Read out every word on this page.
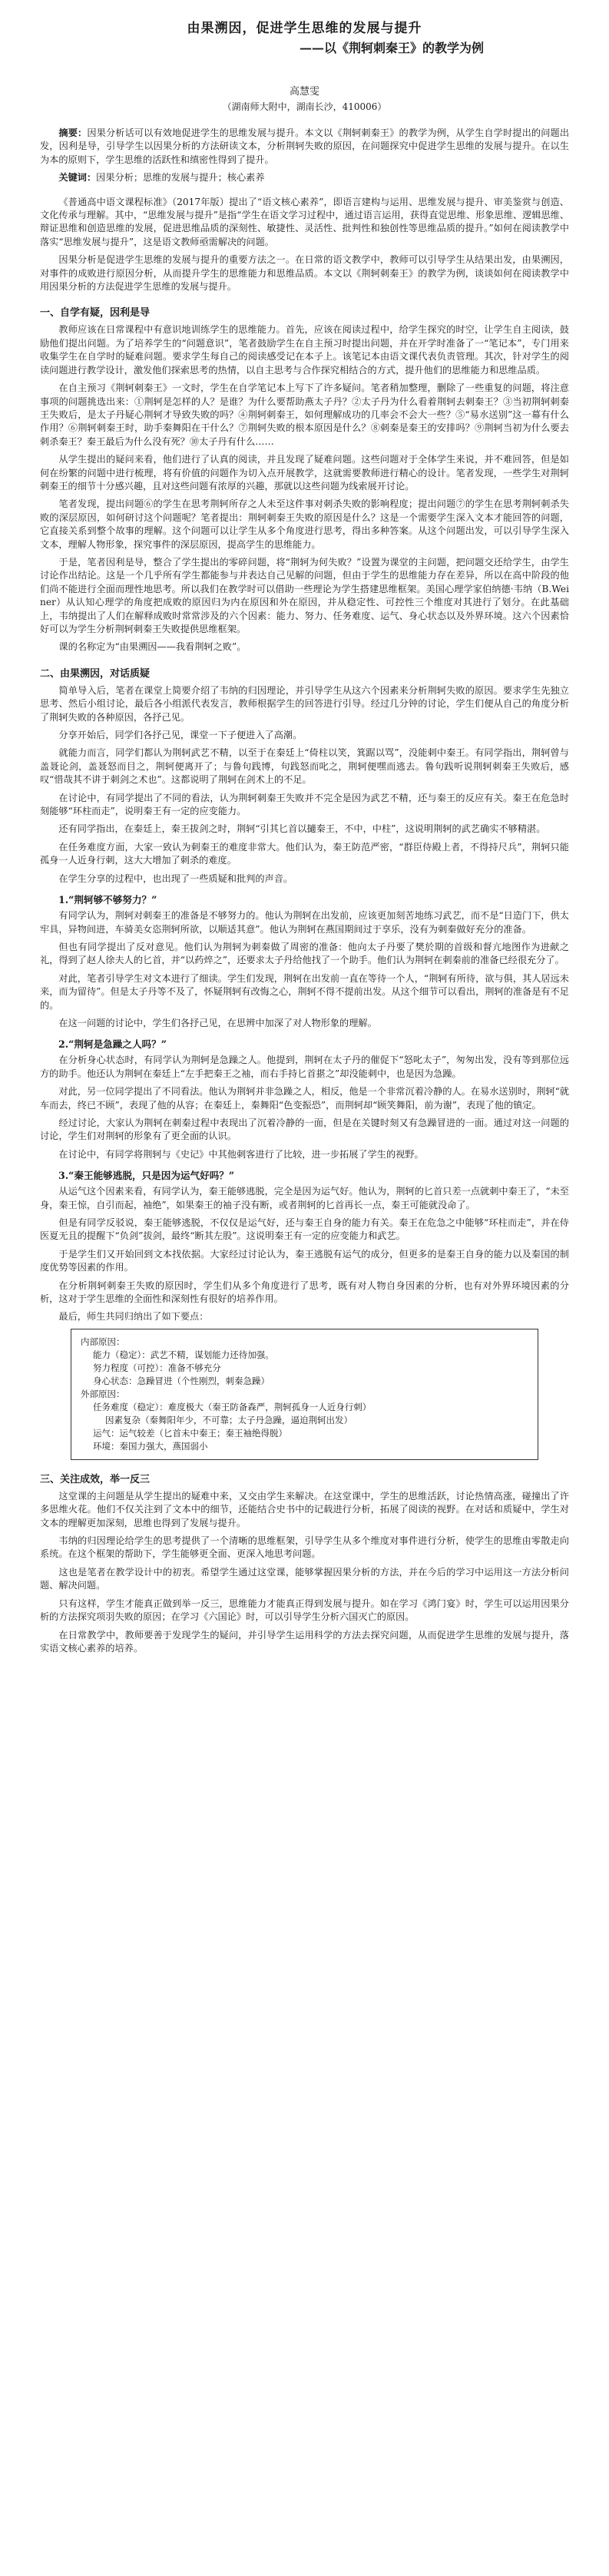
由果溯因，促进学生思维的发展与提升
——以《荆轲刺秦王》的教学为例
高慧雯
（湖南师大附中，湖南长沙，410006）

摘要：因果分析话可以有效地促进学生的思维发展与提升。本文以《荆轲刺秦王》的教学为例，从学生自学时提出的问题出发，因利是导，引导学生以因果分析的方法研读文本，分析荆轲失败的原因，在问题探究中促进学生思维的发展与提升。在以生为本的原则下，学生思维的活跃性和缜密性得到了提升。

关键词：因果分析；思维的发展与提升；核心素养

《普通高中语文课程标准》（2017年版）提出了“语文核心素养”，即语言建构与运用、思维发展与提升、审美鉴赏与创造、文化传承与理解。其中，“思维发展与提升”是指“学生在语文学习过程中，通过语言运用，获得直觉思维、形象思维、逻辑思维、辩证思维和创造思维的发展，促进思维品质的深刻性、敏捷性、灵活性、批判性和独创性等思维品质的提升。”如何在阅读教学中落实“思维发展与提升”，这是语文教师亟需解决的问题。

因果分析是促进学生思维的发展与提升的重要方法之一。在日常的语文教学中，教师可以引导学生从结果出发，由果溯因，对事件的成败进行原因分析，从而提升学生的思维能力和思维品质。本文以《荆轲刺秦王》的教学为例，谈谈如何在阅读教学中用因果分析的方法促进学生思维的发展与提升。

一、自学有疑，因利是导

教师应该在日常课程中有意识地训练学生的思维能力。首先，应该在阅读过程中，给学生探究的时空，让学生自主阅读，鼓励他们提出问题。为了培养学生的“问题意识”，笔者鼓励学生在自主预习时提出问题，并在开学时准备了一“笔记本”，专门用来收集学生在自学时的疑难问题。要求学生每自己的阅读感受记在本子上。该笔记本由语文课代表负责管理。其次，针对学生的阅读问题进行教学设计，激发他们探索思考的热情，以自主思考与合作探究相结合的方式，提升他们的思维能力和思维品质。

在自主预习《荆轲刺秦王》一文时，学生在自学笔记本上写下了许多疑问。笔者稍加整理，删除了一些重复的问题，将注意事项的问题挑选出来：①荆轲是怎样的人？是谁？为什么要帮助燕太子丹？②太子丹为什么看着荆轲去刺秦王？③当初荆轲刺秦王失败后，是太子丹疑心荆轲才导致失败的吗？④荆轲刺秦王，如何理解成功的几率会不会大一些？⑤“易水送别”这一幕有什么作用？⑥荆轲刺秦王时，助手秦舞阳在干什么？⑦荆轲失败的根本原因是什么？⑧刺秦是秦王的安排吗？⑨荆轲当初为什么要去刺杀秦王？秦王最后为什么没有死？⑩太子丹有什么……

从学生提出的疑问来看，他们进行了认真的阅读，并且发现了疑难问题。这些问题对于全体学生来说，并不难回答，但是如何在纷繁的问题中进行梳理，将有价值的问题作为切入点开展教学，这就需要教师进行精心的设计。笔者发现，一些学生对荆轲刺秦王的细节十分感兴趣，且对这些问题有浓厚的兴趣，那就以这些问题为线索展开讨论。

笔者发现，提出问题⑥的学生在思考荆轲所存之人未至这件事对刺杀失败的影响程度；提出问题⑦的学生在思考荆轲刺杀失败的深层原因，如何研讨这个问题呢？笔者提出：荆轲刺秦王失败的原因是什么？这是一个需要学生深入文本才能回答的问题，它直接关系到整个故事的理解。这个问题可以让学生从多个角度进行思考，得出多种答案。从这个问题出发，可以引导学生深入文本，理解人物形象，探究事件的深层原因，提高学生的思维能力。

于是，笔者因利是导，整合了学生提出的零碎问题，将“荆轲为何失败？”设置为课堂的主问题，把问题交还给学生，由学生讨论作出结论。这是一个几乎所有学生都能参与并表达自己见解的问题，但由于学生的思维能力存在差异，所以在高中阶段的他们尚不能进行全面而理性地思考。所以我们在教学时可以借助一些理论为学生搭建思维框架。美国心理学家伯纳德·韦纳（B.Weiner）从认知心理学的角度把成败的原因归为内在原因和外在原因，并从稳定性、可控性三个维度对其进行了划分。在此基础上，韦纳提出了人们在解释成败时常常涉及的六个因素：能力、努力、任务难度、运气、身心状态以及外界环境。这六个因素恰好可以为学生分析荆轲刺秦王失败提供思维框架。

课的名称定为“由果溯因——我看荆轲之败”。

二、由果溯因，对话质疑

简单导入后，笔者在课堂上简要介绍了韦纳的归因理论，并引导学生从这六个因素来分析荆轲失败的原因。要求学生先独立思考、然后小组讨论，最后各小组派代表发言，教师根据学生的回答进行引导。经过几分钟的讨论，学生们便从自己的角度分析了荆轲失败的各种原因，各抒己见。

分享开始后，同学们各抒己见，课堂一下子便进入了高潮。

就能力而言，同学们都认为荆轲武艺不精，以至于在秦廷上“倚柱以笑，箕踞以骂”，没能刺中秦王。有同学指出，荆轲曾与盖聂论剑，盖聂怒而目之，荆轲便离开了；与鲁句践博，句践怒而叱之，荆轲便嘿而逃去。鲁句践听说荆轲刺秦王失败后，感叹“惜哉其不讲于刺剑之术也”。这都说明了荆轲在剑术上的不足。

在讨论中，有同学提出了不同的看法，认为荆轲刺秦王失败并不完全是因为武艺不精，还与秦王的反应有关。秦王在危急时刻能够“环柱而走”，说明秦王有一定的应变能力。

还有同学指出，在秦廷上，秦王拔剑之时，荆轲“引其匕首以擿秦王，不中，中柱”，这说明荆轲的武艺确实不够精湛。

在任务难度方面，大家一致认为刺秦王的难度非常大。他们认为，秦王防范严密，“群臣侍殿上者，不得持尺兵”，荆轲只能孤身一人近身行刺，这大大增加了刺杀的难度。

在学生分享的过程中，也出现了一些质疑和批判的声音。

1.“荆轲够不够努力？”

有同学认为，荆轲对刺秦王的准备是不够努力的。他认为荆轲在出发前，应该更加刻苦地练习武艺，而不是“日造门下，供太牢具，异物间进，车骑美女恣荆轲所欲，以顺适其意”。他认为荆轲在燕国期间过于享乐，没有为刺秦做好充分的准备。

但也有同学提出了反对意见。他们认为荆轲为刺秦做了周密的准备：他向太子丹要了樊於期的首级和督亢地图作为进献之礼，得到了赵人徐夫人的匕首，并“以药焠之”，还要求太子丹给他找了一个助手。他们认为荆轲在刺秦前的准备已经很充分了。

对此，笔者引导学生对文本进行了细读。学生们发现，荆轲在出发前一直在等待一个人，“荆轲有所待，欲与俱，其人居远未来，而为留待”。但是太子丹等不及了，怀疑荆轲有改悔之心，荆轲不得不提前出发。从这个细节可以看出，荆轲的准备是有不足的。

在这一问题的讨论中，学生们各抒己见，在思辨中加深了对人物形象的理解。

2.“荆轲是急躁之人吗？”

在分析身心状态时，有同学认为荆轲是急躁之人。他提到，荆轲在太子丹的催促下“怒叱太子”，匆匆出发，没有等到那位远方的助手。他还认为荆轲在秦廷上“左手把秦王之袖，而右手持匕首揕之”却没能刺中，也是因为急躁。

对此，另一位同学提出了不同看法。他认为荆轲并非急躁之人，相反，他是一个非常沉着冷静的人。在易水送别时，荆轲“就车而去，终已不顾”，表现了他的从容；在秦廷上，秦舞阳“色变振恐”，而荆轲却“顾笑舞阳，前为谢”，表现了他的镇定。

经过讨论，大家认为荆轲在刺秦过程中表现出了沉着冷静的一面，但是在关键时刻又有急躁冒进的一面。通过对这一问题的讨论，学生们对荆轲的形象有了更全面的认识。

在讨论中，有同学将荆轲与《史记》中其他刺客进行了比较，进一步拓展了学生的视野。

3.“秦王能够逃脱，只是因为运气好吗？”

从运气这个因素来看，有同学认为，秦王能够逃脱，完全是因为运气好。他认为，荆轲的匕首只差一点就刺中秦王了，“未至身，秦王惊，自引而起，袖绝”，如果秦王的袖子没有断，或者荆轲的匕首再长一点，秦王可能就没命了。

但是有同学反驳说，秦王能够逃脱，不仅仅是运气好，还与秦王自身的能力有关。秦王在危急之中能够“环柱而走”，并在侍医夏无且的提醒下“负剑”拔剑，最终“断其左股”。这说明秦王有一定的应变能力和武艺。

于是学生们又开始回到文本找依据。大家经过讨论认为，秦王逃脱有运气的成分，但更多的是秦王自身的能力以及秦国的制度优势等因素的作用。

在分析荆轲刺秦王失败的原因时，学生们从多个角度进行了思考，既有对人物自身因素的分析，也有对外界环境因素的分析，这对于学生思维的全面性和深刻性有很好的培养作用。

最后，师生共同归纳出了如下要点：

内部原因：
能力（稳定）：武艺不精，谋划能力还待加强。
努力程度（可控）：准备不够充分
身心状态：急躁冒进（个性刚烈，刺秦急躁）
外部原因：
任务难度（稳定）：难度极大（秦王防备森严，荆轲孤身一人近身行刺）
因素复杂（秦舞阳年少，不可靠；太子丹急躁，逼迫荆轲出发）
运气：运气较差（匕首未中秦王；秦王袖绝得脱）
环境：秦国力强大，燕国弱小
三、关注成效，举一反三

这堂课的主问题是从学生提出的疑难中来，又交由学生来解决。在这堂课中，学生的思维活跃，讨论热情高涨，碰撞出了许多思维火花。他们不仅关注到了文本中的细节，还能结合史书中的记载进行分析，拓展了阅读的视野。在对话和质疑中，学生对文本的理解更加深刻，思维也得到了发展与提升。

韦纳的归因理论给学生的思考提供了一个清晰的思维框架，引导学生从多个维度对事件进行分析，使学生的思维由零散走向系统。在这个框架的帮助下，学生能够更全面、更深入地思考问题。

这也是笔者在教学设计中的初衷。希望学生通过这堂课，能够掌握因果分析的方法，并在今后的学习中运用这一方法分析问题、解决问题。

只有这样，学生才能真正做到举一反三，思维能力才能真正得到发展与提升。如在学习《鸿门宴》时，学生可以运用因果分析的方法探究项羽失败的原因；在学习《六国论》时，可以引导学生分析六国灭亡的原因。

在日常教学中，教师要善于发现学生的疑问，并引导学生运用科学的方法去探究问题，从而促进学生思维的发展与提升，落实语文核心素养的培养。
